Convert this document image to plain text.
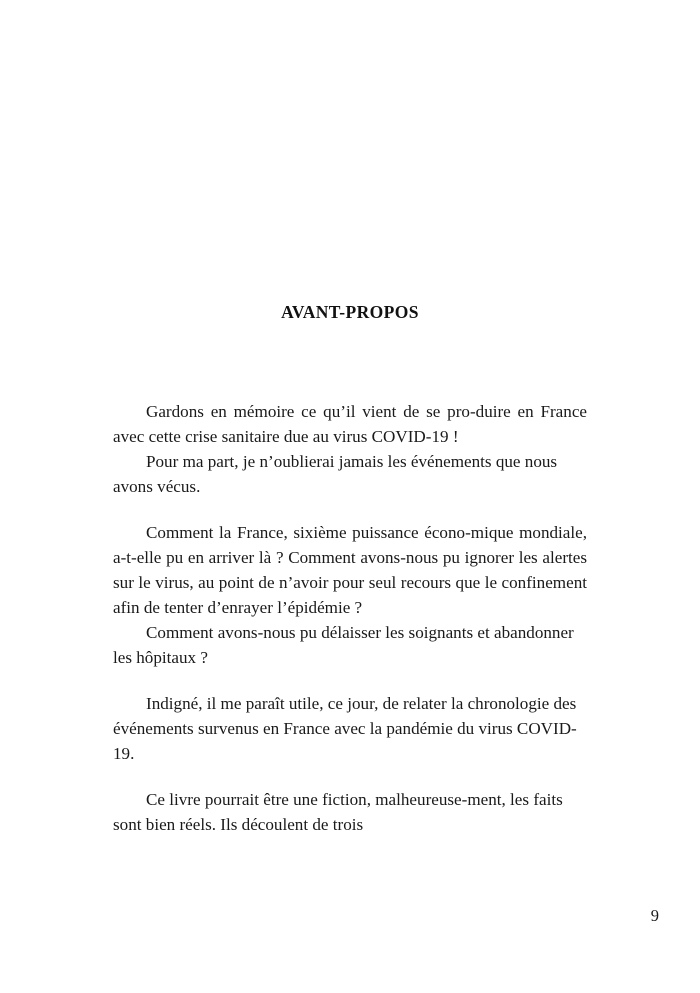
AVANT-PROPOS

Gardons en mémoire ce qu’il vient de se pro-duire en France avec cette crise sanitaire due au virus COVID-19 !

Pour ma part, je n’oublierai jamais les événements que nous avons vécus.

Comment la France, sixième puissance écono-mique mondiale, a-t-elle pu en arriver là ? Comment avons-nous pu ignorer les alertes sur le virus, au point de n’avoir pour seul recours que le confinement afin de tenter d’enrayer l’épidémie ?

Comment avons-nous pu délaisser les soignants et abandonner les hôpitaux ?

Indigné, il me paraît utile, ce jour, de relater la chronologie des événements survenus en France avec la pandémie du virus COVID-19.

Ce livre pourrait être une fiction, malheureuse-ment, les faits sont bien réels. Ils découlent de trois

9
